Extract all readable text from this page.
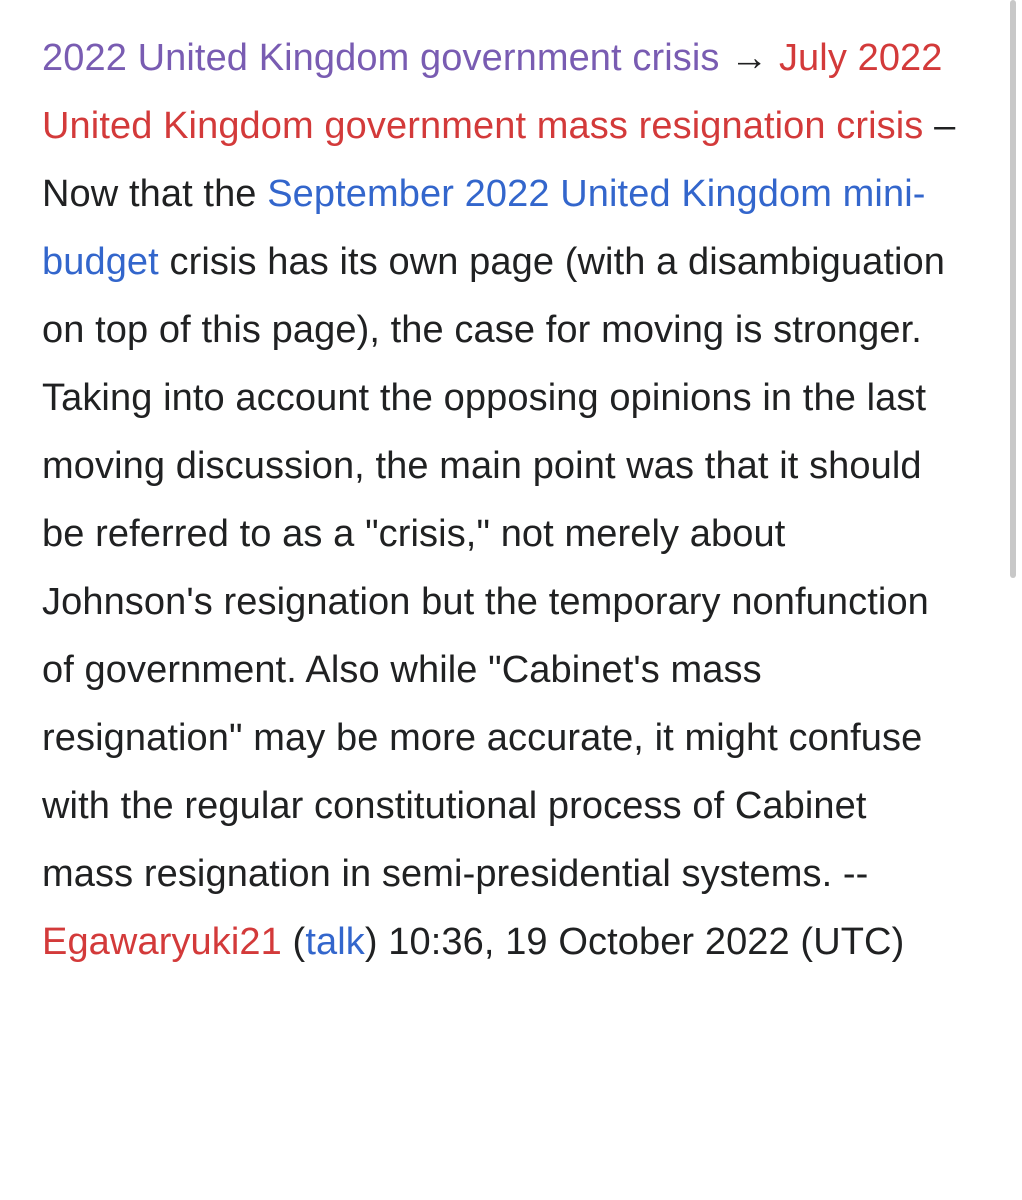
2022 United Kingdom government crisis → July 2022 United Kingdom government mass resignation crisis – Now that the September 2022 United Kingdom mini-budget crisis has its own page (with a disambiguation on top of this page), the case for moving is stronger. Taking into account the opposing opinions in the last moving discussion, the main point was that it should be referred to as a "crisis," not merely about Johnson's resignation but the temporary nonfunction of government. Also while "Cabinet's mass resignation" may be more accurate, it might confuse with the regular constitutional process of Cabinet mass resignation in semi-presidential systems. --
Egawaryuki21 (talk) 10:36, 19 October 2022 (UTC)
